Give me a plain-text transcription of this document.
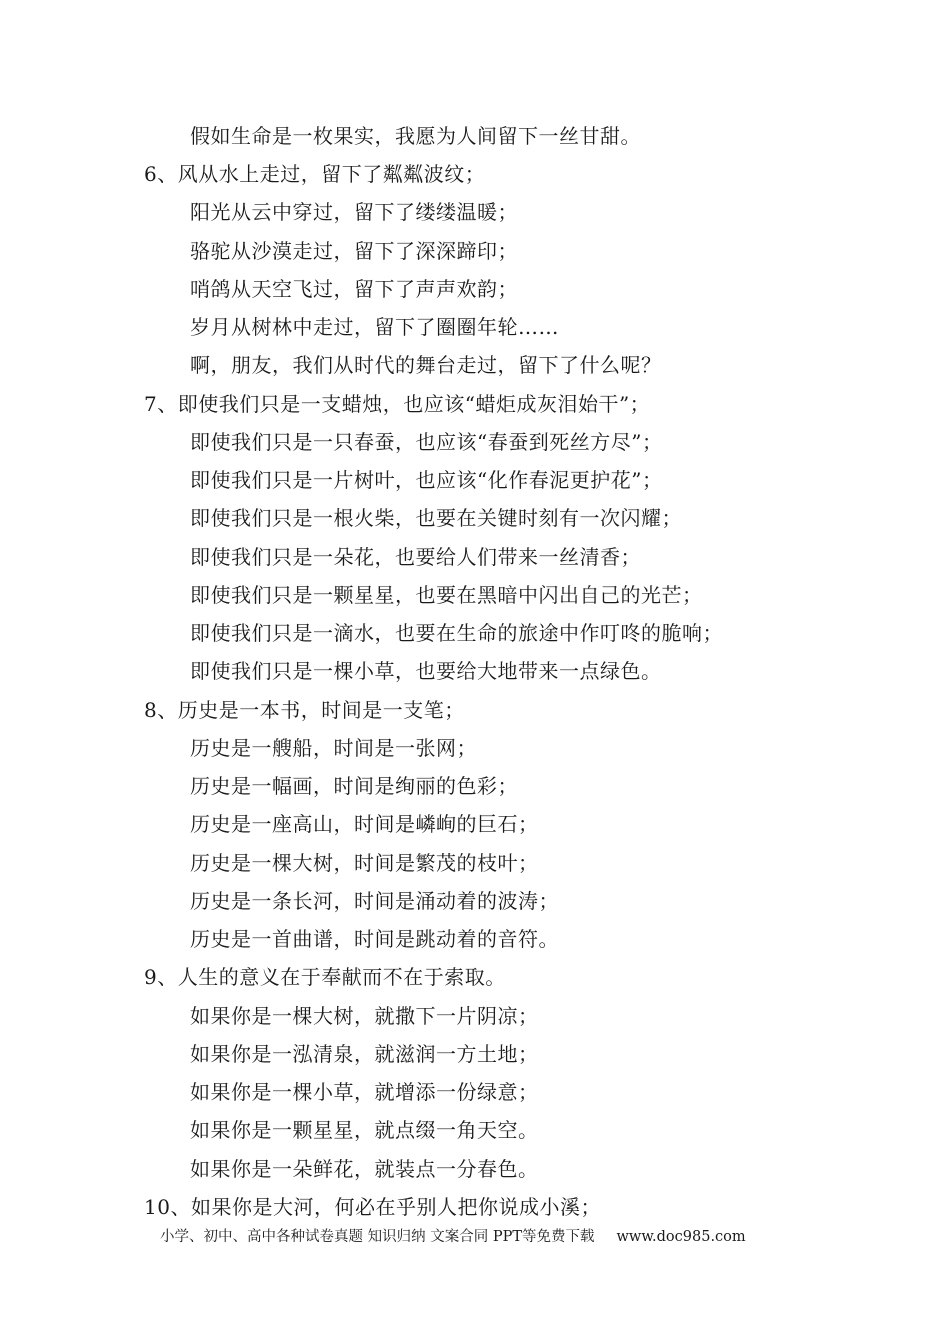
假如生命是一枚果实，我愿为人间留下一丝甘甜。
6、风从水上走过，留下了粼粼波纹；
阳光从云中穿过，留下了缕缕温暖；
骆驼从沙漠走过，留下了深深蹄印；
哨鸽从天空飞过，留下了声声欢韵；
岁月从树林中走过，留下了圈圈年轮……
啊，朋友，我们从时代的舞台走过，留下了什么呢？
7、即使我们只是一支蜡烛，也应该“蜡炬成灰泪始干”；
即使我们只是一只春蚕，也应该“春蚕到死丝方尽”；
即使我们只是一片树叶，也应该“化作春泥更护花”；
即使我们只是一根火柴，也要在关键时刻有一次闪耀；
即使我们只是一朵花，也要给人们带来一丝清香；
即使我们只是一颗星星，也要在黑暗中闪出自己的光芒；
即使我们只是一滴水，也要在生命的旅途中作叮咚的脆响；
即使我们只是一棵小草，也要给大地带来一点绿色。
8、历史是一本书，时间是一支笔；
历史是一艘船，时间是一张网；
历史是一幅画，时间是绚丽的色彩；
历史是一座高山，时间是嶙峋的巨石；
历史是一棵大树，时间是繁茂的枝叶；
历史是一条长河，时间是涌动着的波涛；
历史是一首曲谱，时间是跳动着的音符。
9、人生的意义在于奉献而不在于索取。
如果你是一棵大树，就撒下一片阴凉；
如果你是一泓清泉，就滋润一方土地；
如果你是一棵小草，就增添一份绿意；
如果你是一颗星星，就点缀一角天空。
如果你是一朵鲜花，就装点一分春色。
10、如果你是大河，何必在乎别人把你说成小溪；
小学、初中、高中各种试卷真题 知识归纳 文案合同 PPT等免费下载 www.doc985.com
